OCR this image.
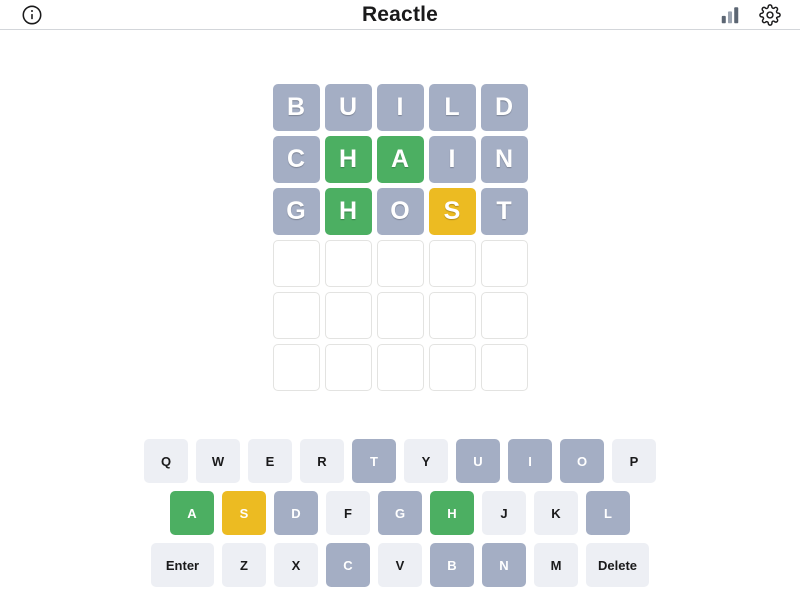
Reactle
B	U	I	L	D
C	H	A	I	N
G	H	O	S	T
Q	W	E	R	T	Y	U	I	O	P
A	S	D	F	G	H	J	K	L
Enter	Z	X	C	V	B	N	M	Delete
